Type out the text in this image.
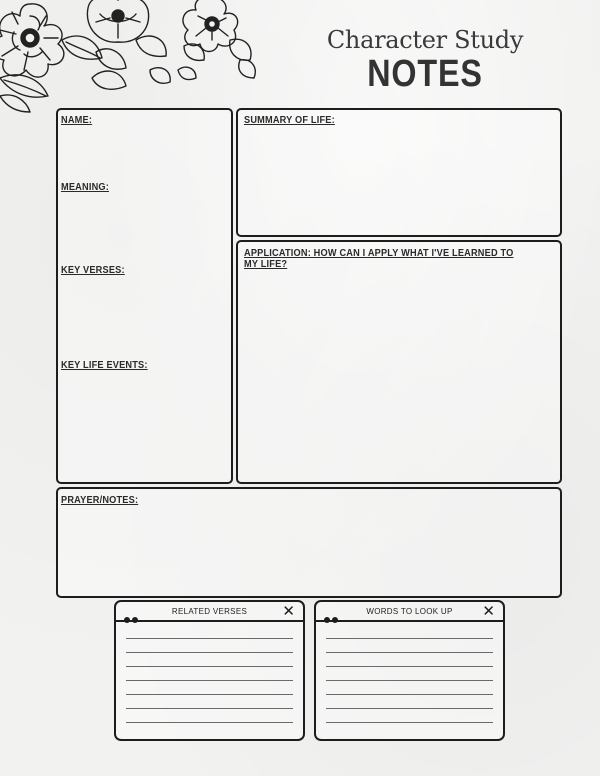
Character Study
NOTES
NAME:
MEANING:
KEY VERSES:
KEY LIFE EVENTS:
SUMMARY OF LIFE:
APPLICATION: HOW CAN I APPLY WHAT I'VE LEARNED TO
MY LIFE?
PRAYER/NOTES:
RELATED VERSES	✕	WORDS TO LOOK UP	✕
